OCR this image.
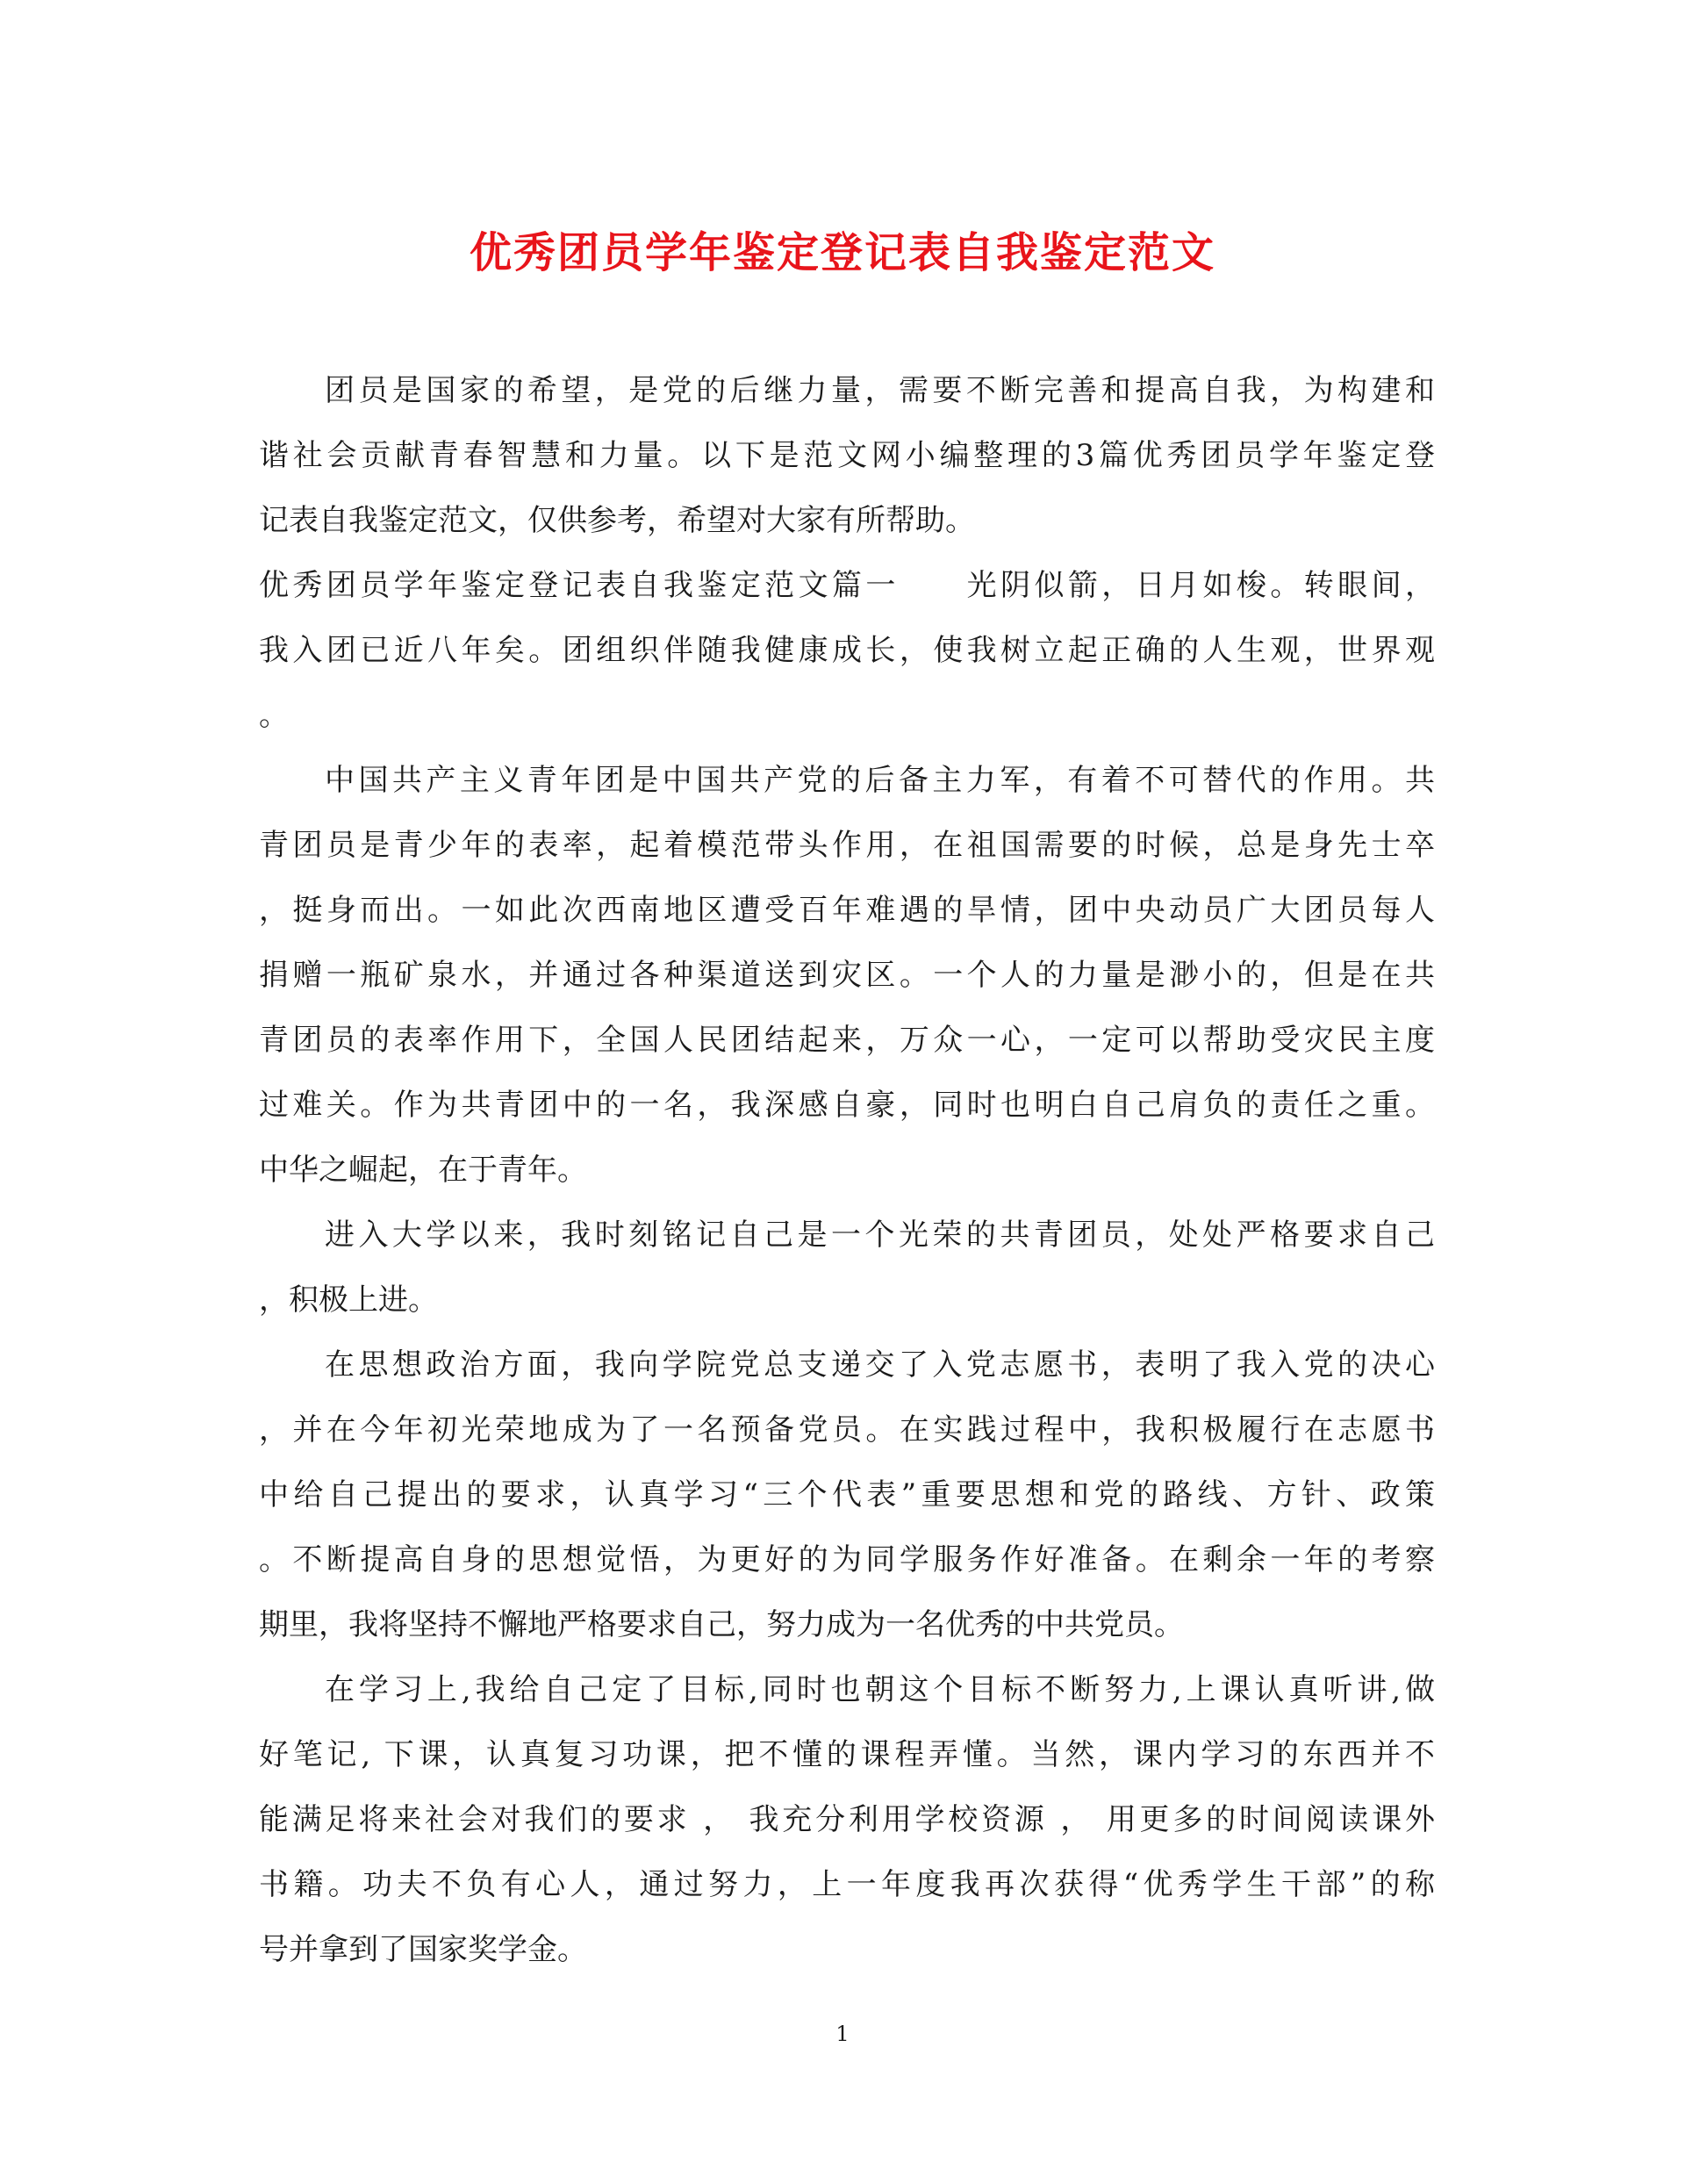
优秀团员学年鉴定登记表自我鉴定范文
团员是国家的希望，是党的后继力量，需要不断完善和提高自我，为构建和
谐社会贡献青春智慧和力量。以下是范文网小编整理的3篇优秀团员学年鉴定登
记表自我鉴定范文，仅供参考，希望对大家有所帮助。
优秀团员学年鉴定登记表自我鉴定范文篇一　　光阴似箭，日月如梭。转眼间，
我入团已近八年矣。团组织伴随我健康成长，使我树立起正确的人生观，世界观
。
中国共产主义青年团是中国共产党的后备主力军，有着不可替代的作用。共
青团员是青少年的表率，起着模范带头作用，在祖国需要的时候，总是身先士卒
，挺身而出。一如此次西南地区遭受百年难遇的旱情，团中央动员广大团员每人
捐赠一瓶矿泉水，并通过各种渠道送到灾区。一个人的力量是渺小的，但是在共
青团员的表率作用下，全国人民团结起来，万众一心，一定可以帮助受灾民主度
过难关。作为共青团中的一名，我深感自豪，同时也明白自己肩负的责任之重。
中华之崛起，在于青年。
进入大学以来，我时刻铭记自己是一个光荣的共青团员，处处严格要求自己
，积极上进。
在思想政治方面，我向学院党总支递交了入党志愿书，表明了我入党的决心
，并在今年初光荣地成为了一名预备党员。在实践过程中，我积极履行在志愿书
中给自己提出的要求，认真学习“三个代表”重要思想和党的路线、方针、政策
。不断提高自身的思想觉悟，为更好的为同学服务作好准备。在剩余一年的考察
期里，我将坚持不懈地严格要求自己，努力成为一名优秀的中共党员。
在学习上,我给自己定了目标,同时也朝这个目标不断努力,上课认真听讲,做
好笔记, 下课，认真复习功课，把不懂的课程弄懂。当然，课内学习的东西并不
能满足将来社会对我们的要求 ， 我充分利用学校资源 ， 用更多的时间阅读课外
书籍。功夫不负有心人，通过努力，上一年度我再次获得“优秀学生干部”的称
号并拿到了国家奖学金。
1
